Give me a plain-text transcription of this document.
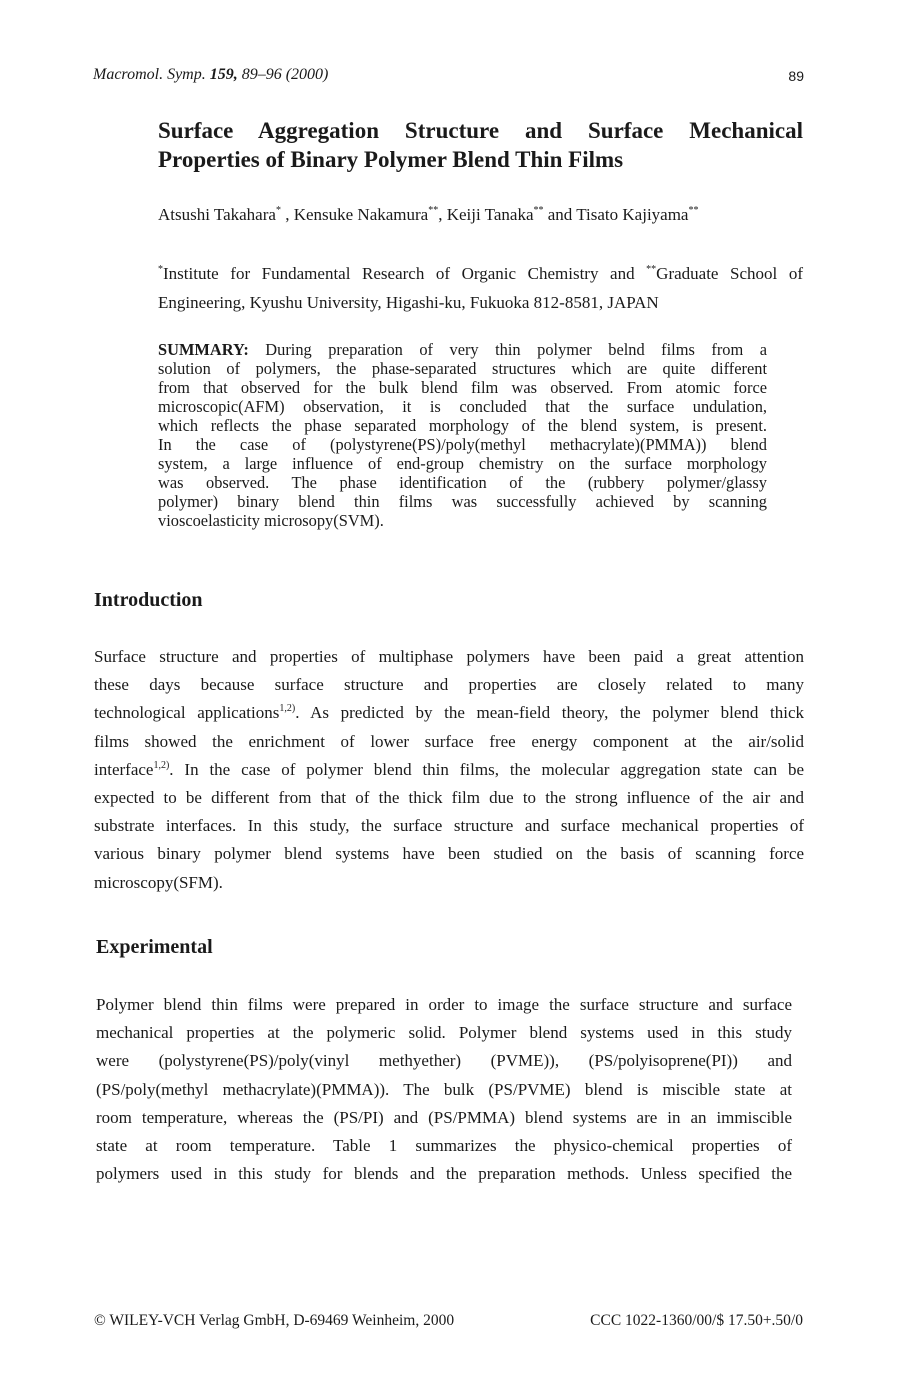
Macromol. Symp. 159, 89–96 (2000)	89
Surface Aggregation Structure and Surface Mechanical
Properties of Binary Polymer Blend Thin Films
Atsushi Takahara* , Kensuke Nakamura**, Keiji Tanaka** and Tisato Kajiyama**
*Institute for Fundamental Research of Organic Chemistry and **Graduate School of
Engineering, Kyushu University, Higashi-ku, Fukuoka 812-8581, JAPAN
SUMMARY: During preparation of very thin polymer belnd films from a
solution of polymers, the phase-separated structures which are quite different
from that observed for the bulk blend film was observed. From atomic force
microscopic(AFM) observation, it is concluded that the surface undulation,
which reflects the phase separated morphology of the blend system, is present.
In the case of (polystyrene(PS)/poly(methyl methacrylate)(PMMA)) blend
system, a large influence of end-group chemistry on the surface morphology
was observed. The phase identification of the (rubbery polymer/glassy
polymer) binary blend thin films was successfully achieved by scanning
vioscoelasticity microsopy(SVM).
Introduction
Surface structure and properties of multiphase polymers have been paid a great attention
these days because surface structure and properties are closely related to many
technological applications$^{1,2)}$. As predicted by the mean-field theory, the polymer blend thick
films showed the enrichment of lower surface free energy component at the air/solid
interface$^{1,2)}$. In the case of polymer blend thin films, the molecular aggregation state can be
expected to be different from that of the thick film due to the strong influence of the air and
substrate interfaces. In this study, the surface structure and surface mechanical properties of
various binary polymer blend systems have been studied on the basis of scanning force
microscopy(SFM).
Experimental
Polymer blend thin films were prepared in order to image the surface structure and surface
mechanical properties at the polymeric solid. Polymer blend systems used in this study
were (polystyrene(PS)/poly(vinyl methyether) (PVME)), (PS/polyisoprene(PI)) and
(PS/poly(methyl methacrylate)(PMMA)). The bulk (PS/PVME) blend is miscible state at
room temperature, whereas the (PS/PI) and (PS/PMMA) blend systems are in an immiscible
state at room temperature. Table 1 summarizes the physico-chemical properties of
polymers used in this study for blends and the preparation methods. Unless specified the
© WILEY-VCH Verlag GmbH, D-69469 Weinheim, 2000	CCC 1022-1360/00/$ 17.50+.50/0
